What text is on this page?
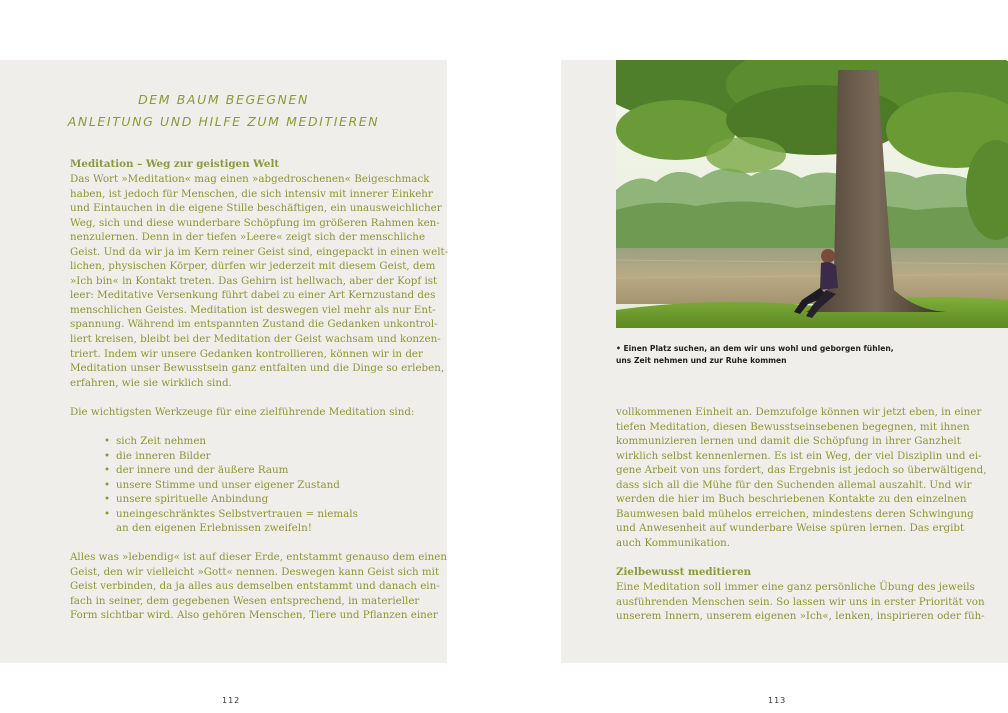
DEM BAUM BEGEGNEN
ANLEITUNG UND HILFE ZUM MEDITIEREN
Meditation – Weg zur geistigen Welt
Das Wort »Meditation« mag einen »abgedroschenen« Beigeschmack
haben, ist jedoch für Menschen, die sich intensiv mit innerer Einkehr
und Eintauchen in die eigene Stille beschäftigen, ein unausweichlicher
Weg, sich und diese wunderbare Schöpfung im größeren Rahmen ken-
nenzulernen. Denn in der tiefen »Leere« zeigt sich der menschliche
Geist. Und da wir ja im Kern reiner Geist sind, eingepackt in einen welt-
lichen, physischen Körper, dürfen wir jederzeit mit diesem Geist, dem
»Ich bin« in Kontakt treten. Das Gehirn ist hellwach, aber der Kopf ist
leer: Meditative Versenkung führt dabei zu einer Art Kernzustand des
menschlichen Geistes. Meditation ist deswegen viel mehr als nur Ent-
spannung. Während im entspannten Zustand die Gedanken unkontrol-
liert kreisen, bleibt bei der Meditation der Geist wachsam und konzen-
triert. Indem wir unsere Gedanken kontrollieren, können wir in der
Meditation unser Bewusstsein ganz entfalten und die Dinge so erleben,
erfahren, wie sie wirklich sind.
Die wichtigsten Werkzeuge für eine zielführende Meditation sind:
• sich Zeit nehmen
• die inneren Bilder
• der innere und der äußere Raum
• unsere Stimme und unser eigener Zustand
• unsere spirituelle Anbindung
• uneingeschränktes Selbstvertrauen = niemals
an den eigenen Erlebnissen zweifeln!
Alles was »lebendig« ist auf dieser Erde, entstammt genauso dem einen
Geist, den wir vielleicht »Gott« nennen. Deswegen kann Geist sich mit
Geist verbinden, da ja alles aus demselben entstammt und danach ein-
fach in seiner, dem gegebenen Wesen entsprechend, in materieller
Form sichtbar wird. Also gehören Menschen, Tiere und Pflanzen einer
112
• Einen Platz suchen, an dem wir uns wohl und geborgen fühlen,
uns Zeit nehmen und zur Ruhe kommen
vollkommenen Einheit an. Demzufolge können wir jetzt eben, in einer
tiefen Meditation, diesen Bewusstseinsebenen begegnen, mit ihnen
kommunizieren lernen und damit die Schöpfung in ihrer Ganzheit
wirklich selbst kennenlernen. Es ist ein Weg, der viel Disziplin und ei-
gene Arbeit von uns fordert, das Ergebnis ist jedoch so überwältigend,
dass sich all die Mühe für den Suchenden allemal auszahlt. Und wir
werden die hier im Buch beschriebenen Kontakte zu den einzelnen
Baumwesen bald mühelos erreichen, mindestens deren Schwingung
und Anwesenheit auf wunderbare Weise spüren lernen. Das ergibt
auch Kommunikation.
Zielbewusst meditieren
Eine Meditation soll immer eine ganz persönliche Übung des jeweils
ausführenden Menschen sein. So lassen wir uns in erster Priorität von
unserem Innern, unserem eigenen »Ich«, lenken, inspirieren oder füh-
113
